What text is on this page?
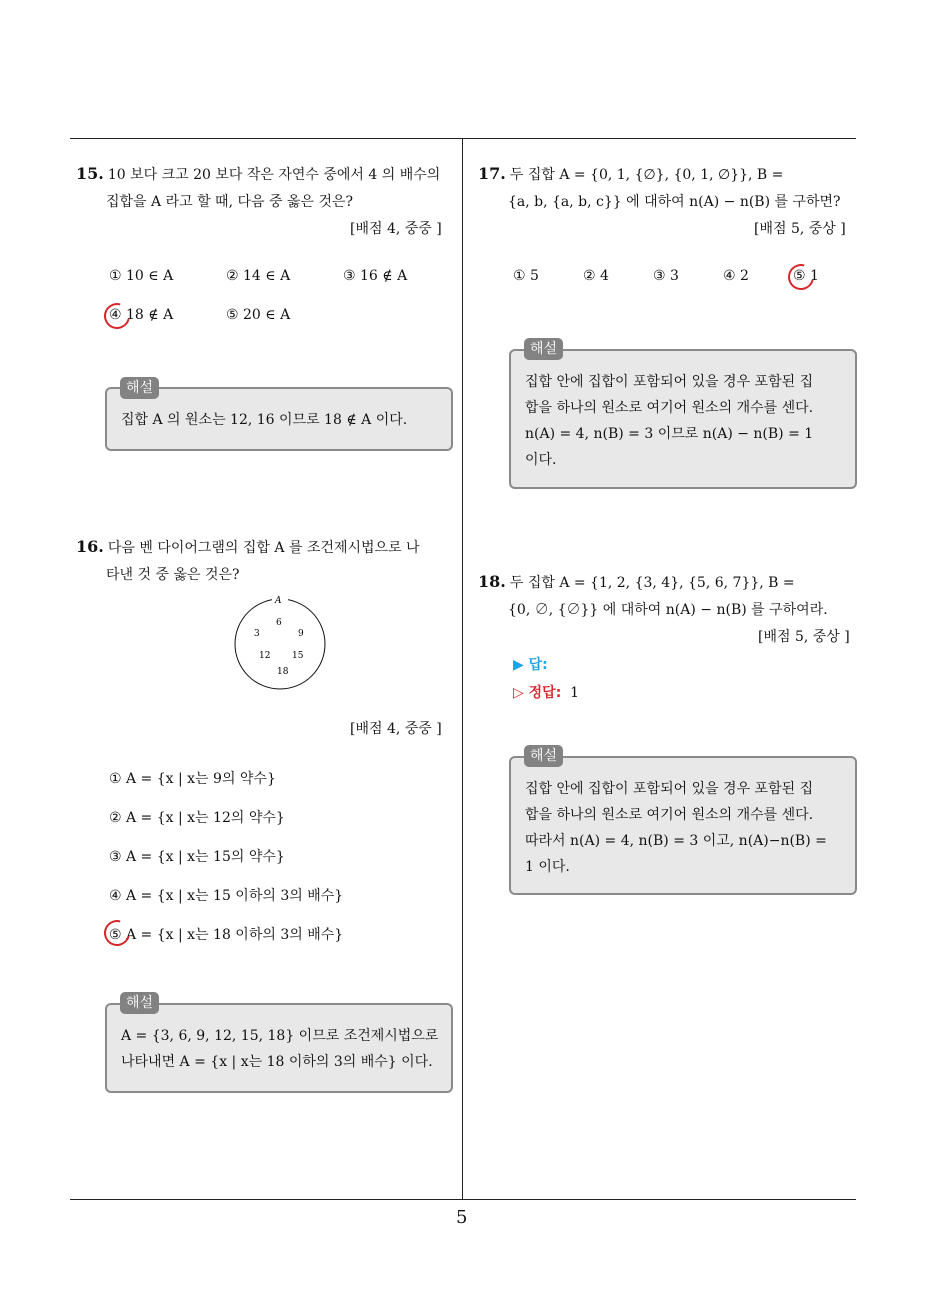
15. 10 보다 크고 20 보다 작은 자연수 중에서 4 의 배수의
집합을 A 라고 할 때, 다음 중 옳은 것은?
[배점 4, 중중 ]
① 10 ∈ A	② 14 ∈ A	③ 16 ∉ A
④ 18 ∉ A	⑤ 20 ∈ A
집합 A 의 원소는 12, 16 이므로 18 ∉ A 이다.
해설
16. 다음 벤 다이어그램의 집합 A 를 조건제시법으로 나
타낸 것 중 옳은 것은?
A
3
6
9
12 15
18
[배점 4, 중중 ]
① A = {x | x는 9의 약수}
② A = {x | x는 12의 약수}
③ A = {x | x는 15의 약수}
④ A = {x | x는 15 이하의 3의 배수}
⑤ A = {x | x는 18 이하의 3의 배수}
A = {3, 6, 9, 12, 15, 18} 이므로 조건제시법으로
나타내면 A = {x | x는 18 이하의 3의 배수} 이다.
해설
17. 두 집합 A = {0, 1, {∅}, {0, 1, ∅}}, B =
{a, b, {a, b, c}} 에 대하여 n(A) − n(B) 를 구하면?
[배점 5, 중상 ]
① 5	② 4	③ 3	④ 2	⑤ 1
집합 안에 집합이 포함되어 있을 경우 포함된 집
합을 하나의 원소로 여기어 원소의 개수를 센다.
n(A) = 4, n(B) = 3 이므로 n(A) − n(B) = 1
이다.
해설
18. 두 집합 A = {1, 2, {3, 4}, {5, 6, 7}}, B =
{0, ∅, {∅}} 에 대하여 n(A) − n(B) 를 구하여라.
[배점 5, 중상 ]
▶ 답:
▷ 정답: 1
집합 안에 집합이 포함되어 있을 경우 포함된 집
합을 하나의 원소로 여기어 원소의 개수를 센다.
따라서 n(A) = 4, n(B) = 3 이고, n(A)−n(B) =
1 이다.
해설
5
